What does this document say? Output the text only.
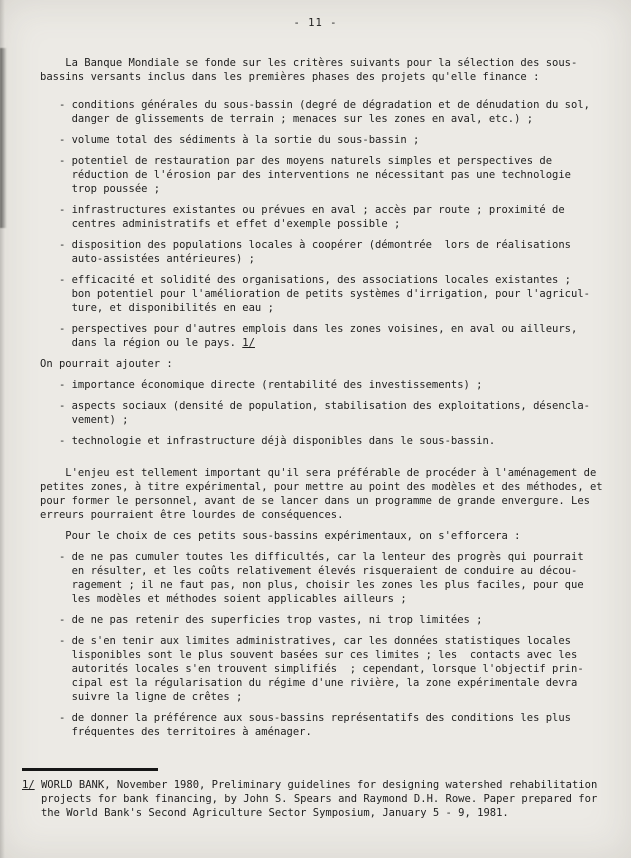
- 11 -
La Banque Mondiale se fonde sur les critères suivants pour la sélection des sous-
bassins versants inclus dans les premières phases des projets qu'elle finance :
- conditions générales du sous-bassin (degré de dégradation et de dénudation du sol,
danger de glissements de terrain ; menaces sur les zones en aval, etc.) ;
- volume total des sédiments à la sortie du sous-bassin ;
- potentiel de restauration par des moyens naturels simples et perspectives de
réduction de l'érosion par des interventions ne nécessitant pas une technologie
trop poussée ;
- infrastructures existantes ou prévues en aval ; accès par route ; proximité de
centres administratifs et effet d'exemple possible ;
- disposition des populations locales à coopérer (démontrée  lors de réalisations
auto-assistées antérieures) ;
- efficacité et solidité des organisations, des associations locales existantes ;
bon potentiel pour l'amélioration de petits systèmes d'irrigation, pour l'agricul-
ture, et disponibilités en eau ;
- perspectives pour d'autres emplois dans les zones voisines, en aval ou ailleurs,
dans la région ou le pays. 1/
On pourrait ajouter :
- importance économique directe (rentabilité des investissements) ;
- aspects sociaux (densité de population, stabilisation des exploitations, désencla-
vement) ;
- technologie et infrastructure déjà disponibles dans le sous-bassin.
L'enjeu est tellement important qu'il sera préférable de procéder à l'aménagement de
petites zones, à titre expérimental, pour mettre au point des modèles et des méthodes, et
pour former le personnel, avant de se lancer dans un programme de grande envergure. Les
erreurs pourraient être lourdes de conséquences.
Pour le choix de ces petits sous-bassins expérimentaux, on s'efforcera :
- de ne pas cumuler toutes les difficultés, car la lenteur des progrès qui pourrait
en résulter, et les coûts relativement élevés risqueraient de conduire au décou-
ragement ; il ne faut pas, non plus, choisir les zones les plus faciles, pour que
les modèles et méthodes soient applicables ailleurs ;
- de ne pas retenir des superficies trop vastes, ni trop limitées ;
- de s'en tenir aux limites administratives, car les données statistiques locales
lisponibles sont le plus souvent basées sur ces limites ; les  contacts avec les
autorités locales s'en trouvent simplifiés  ; cependant, lorsque l'objectif prin-
cipal est la régularisation du régime d'une rivière, la zone expérimentale devra
suivre la ligne de crêtes ;
- de donner la préférence aux sous-bassins représentatifs des conditions les plus
fréquentes des territoires à aménager.
1/ WORLD BANK, November 1980, Preliminary guidelines for designing watershed rehabilitation
projects for bank financing, by John S. Spears and Raymond D.H. Rowe. Paper prepared for
the World Bank's Second Agriculture Sector Symposium, January 5 - 9, 1981.
